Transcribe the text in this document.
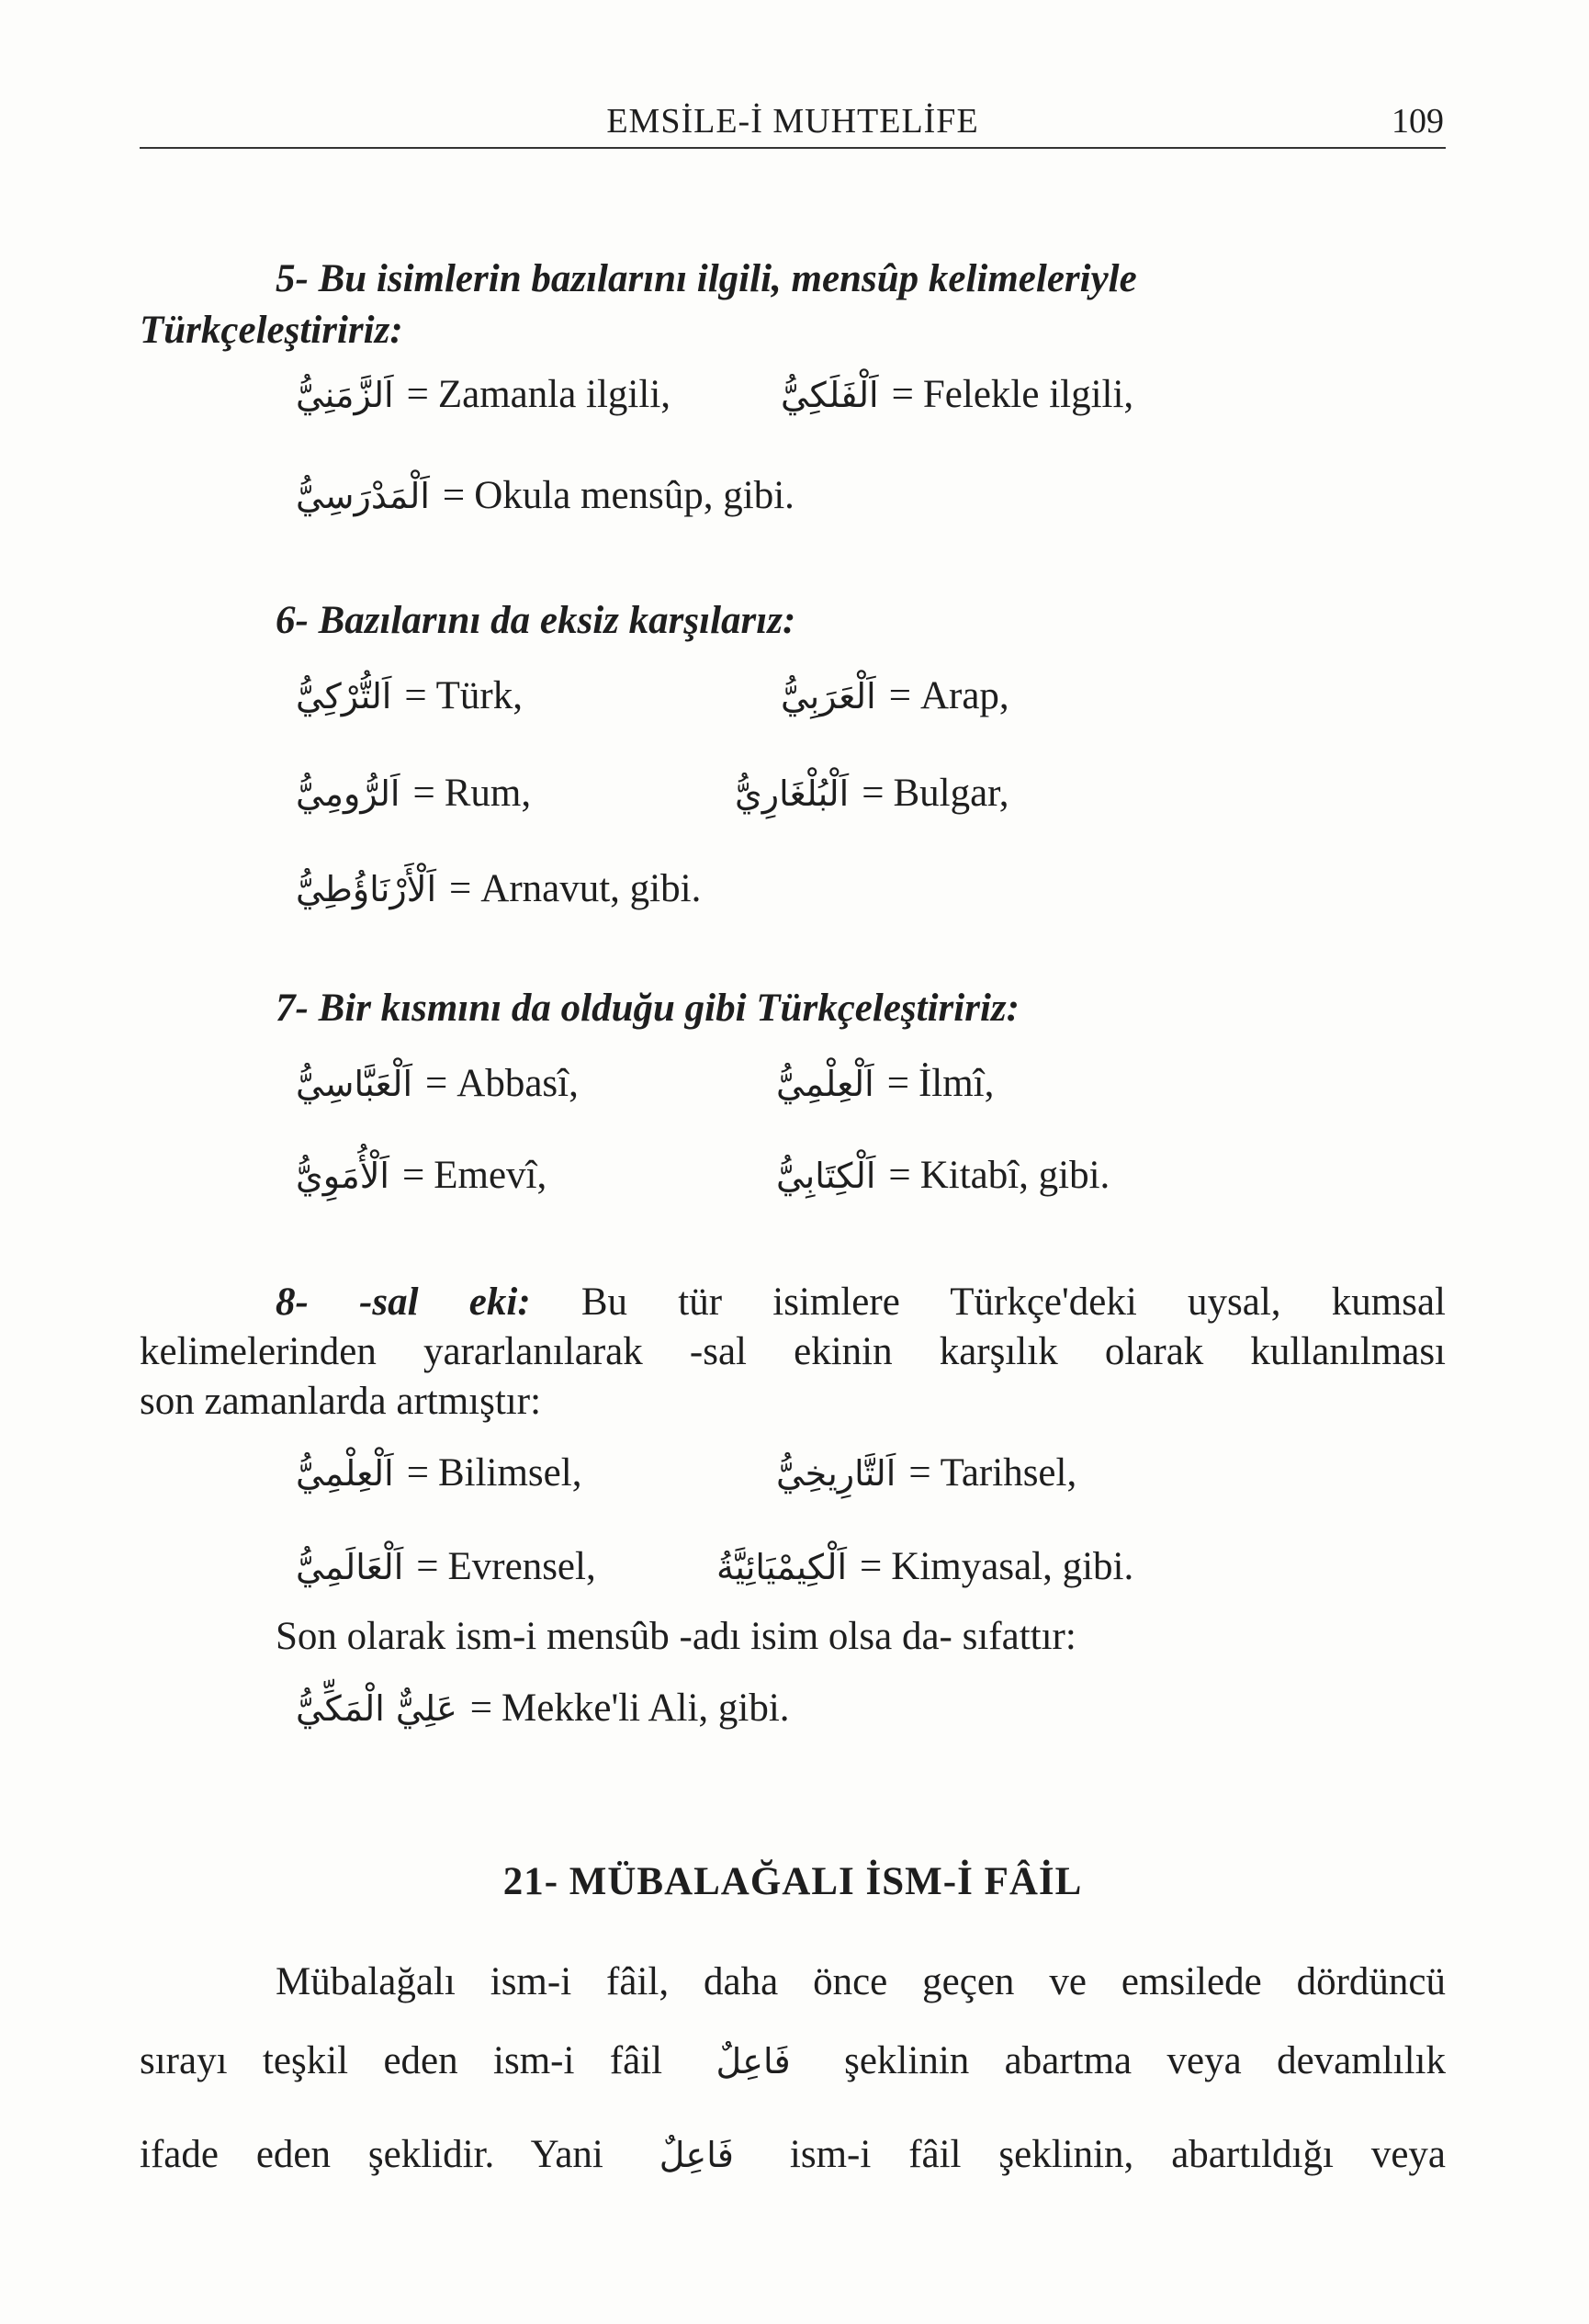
EMSİLE-İ MUHTELİFE	109
5- Bu isimlerin bazılarını ilgili, mensûp kelimeleriyle
Türkçeleştiririz:
اَلزَّمَنِيُّ = Zamanla ilgili,	اَلْفَلَكِيُّ = Felekle ilgili,
اَلْمَدْرَسِيُّ = Okula mensûp, gibi.
6- Bazılarını da eksiz karşılarız:
اَلتُّرْكِيُّ = Türk,	اَلْعَرَبِيُّ = Arap,
اَلرُّومِيُّ = Rum,	اَلْبُلْغَارِيُّ = Bulgar,
اَلْأَرْنَاؤُطِيُّ = Arnavut, gibi.
7- Bir kısmını da olduğu gibi Türkçeleştiririz:
اَلْعَبَّاسِيُّ = Abbasî,	اَلْعِلْمِيُّ = İlmî,
اَلْأُمَوِيُّ = Emevî,	اَلْكِتَابِيُّ = Kitabî, gibi.
8- -sal eki: Bu tür isimlere Türkçe'deki uysal, kumsal
kelimelerinden yararlanılarak -sal ekinin karşılık olarak kullanılması
son zamanlarda artmıştır:
اَلْعِلْمِيُّ = Bilimsel,	اَلتَّارِيخِيُّ = Tarihsel,
اَلْعَالَمِيُّ = Evrensel,	اَلْكِيمْيَائِيَّةُ = Kimyasal, gibi.
Son olarak ism-i mensûb -adı isim olsa da- sıfattır:
عَلِيٌّ الْمَكِّيُّ = Mekke'li Ali, gibi.
21- MÜBALAĞALI İSM-İ FÂİL
Mübalağalı ism-i fâil, daha önce geçen ve emsilede dördüncü
sırayı teşkil eden ism-i fâil فَاعِلٌ şeklinin abartma veya devamlılık
ifade eden şeklidir. Yani فَاعِلٌ ism-i fâil şeklinin, abartıldığı veya
